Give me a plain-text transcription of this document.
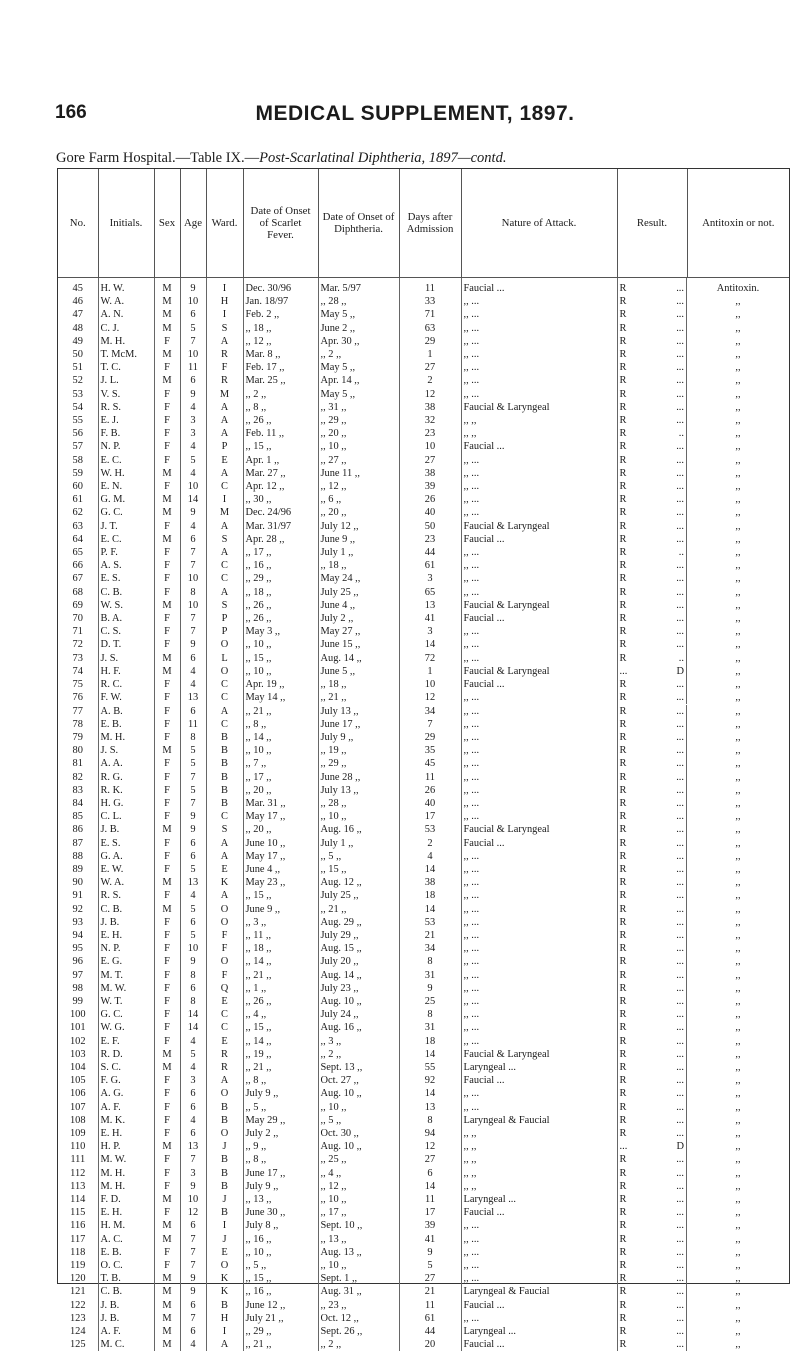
166	MEDICAL SUPPLEMENT, 1897.
Gore Farm Hospital.—Table IX.—Post-Scarlatinal Diphtheria, 1897—contd.
No.	Initials.	Sex	Age	Ward.	Date of Onset of Scarlet Fever.	Date of Onset of Diphtheria.	Days after Admission	Nature of Attack.	Result.	Antitoxin or not.
45	H. W.	M	9	I	Dec. 30/96	Mar. 5/97	11	Faucial ...		R	...	Antitoxin.
46	W. A.	M	10	H	Jan. 18/97	,, 28 ,,	33	,, ...		R	...	,,
47	A. N.	M	6	I	Feb. 2 ,,	May 5 ,,	71	,, ...		R	...	,,
48	C. J.	M	5	S	,, 18 ,,	June 2 ,,	63	,, ...		R	...	,,
49	M. H.	F	7	A	,, 12 ,,	Apr. 30 ,,	29	,, ...		R	...	,,
50	T. McM.	M	10	R	Mar. 8 ,,	,, 2 ,,	1	,, ...		R	...	,,
51	T. C.	F	11	F	Feb. 17 ,,	May 5 ,,	27	,, ...		R	...	,,
52	J. L.	M	6	R	Mar. 25 ,,	Apr. 14 ,,	2	,, ...		R	...	,,
53	V. S.	F	9	M	,, 2 ,,	May 5 ,,	12	,, ...		R	...	,,
54	R. S.	F	4	A	,, 8 ,,	,, 31 ,,	38	Faucial & Laryngeal		R	...	,,
55	E. J.	F	3	A	,, 26 ,,	,, 29 ,,	32	,, ,,		R	...	,,
56	F. B.	F	3	A	Feb. 11 ,,	,, 20 ,,	23	,, ,,		R	..	,,
57	N. P.	F	4	P	,, 15 ,,	,, 10 ,,	10	Faucial ...		R	...	,,
58	E. C.	F	5	E	Apr. 1 ,,	,, 27 ,,	27	,, ...		R	...	,,
59	W. H.	M	4	A	Mar. 27 ,,	June 11 ,,	38	,, ...		R	...	,,
60	E. N.	F	10	C	Apr. 12 ,,	,, 12 ,,	39	,, ...		R	...	,,
61	G. M.	M	14	I	,, 30 ,,	,, 6 ,,	26	,, ...		R	...	,,
62	G. C.	M	9	M	Dec. 24/96	,, 20 ,,	40	,, ...		R	...	,,
63	J. T.	F	4	A	Mar. 31/97	July 12 ,,	50	Faucial & Laryngeal		R	...	,,
64	E. C.	M	6	S	Apr. 28 ,,	June 9 ,,	23	Faucial ...		R	...	,,
65	P. F.	F	7	A	,, 17 ,,	July 1 ,,	44	,, ...		R	..	,,
66	A. S.	F	7	C	,, 16 ,,	,, 18 ,,	61	,, ...		R	...	,,
67	E. S.	F	10	C	,, 29 ,,	May 24 ,,	3	,, ...		R	...	,,
68	C. B.	F	8	A	,, 18 ,,	July 25 ,,	65	,, ...		R	...	,,
69	W. S.	M	10	S	,, 26 ,,	June 4 ,,	13	Faucial & Laryngeal		R	...	,,
70	B. A.	F	7	P	,, 26 ,,	July 2 ,,	41	Faucial ...		R	...	,,
71	C. S.	F	7	P	May 3 ,,	May 27 ,,	3	,, ...		R	...	,,
72	D. T.	F	9	O	,, 10 ,,	June 15 ,,	14	,, ...		R	...	,,
73	J. S.	M	6	L	,, 15 ,,	Aug. 14 ,,	72	,, ...		R	..	,,
74	H. F.	M	4	O	,, 10 ,,	June 5 ,,	1	Faucial & Laryngeal		...	D	,,
75	R. C.	F	4	C	Apr. 19 ,,	,, 18 ,,	10	Faucial ...		R	...	,,
76	F. W.	F	13	C	May 14 ,,	,, 21 ,,	12	,, ...		R	...	,,
77	A. B.	F	6	A	,, 21 ,,	July 13 ,,	34	,, ...		R	...	,,
78	E. B.	F	11	C	,, 8 ,,	June 17 ,,	7	,, ...		R	...	,,
79	M. H.	F	8	B	,, 14 ,,	July 9 ,,	29	,, ...		R	...	,,
80	J. S.	M	5	B	,, 10 ,,	,, 19 ,,	35	,, ...		R	...	,,
81	A. A.	F	5	B	,, 7 ,,	,, 29 ,,	45	,, ...		R	...	,,
82	R. G.	F	7	B	,, 17 ,,	June 28 ,,	11	,, ...		R	...	,,
83	R. K.	F	5	B	,, 20 ,,	July 13 ,,	26	,, ...		R	...	,,
84	H. G.	F	7	B	Mar. 31 ,,	,, 28 ,,	40	,, ...		R	...	,,
85	C. L.	F	9	C	May 17 ,,	,, 10 ,,	17	,, ...		R	...	,,
86	J. B.	M	9	S	,, 20 ,,	Aug. 16 ,,	53	Faucial & Laryngeal		R	...	,,
87	E. S.	F	6	A	June 10 ,,	July 1 ,,	2	Faucial ...		R	...	,,
88	G. A.	F	6	A	May 17 ,,	,, 5 ,,	4	,, ...		R	...	,,
89	E. W.	F	5	E	June 4 ,,	,, 15 ,,	14	,, ...		R	...	,,
90	W. A.	M	13	K	May 23 ,,	Aug. 12 ,,	38	,, ...		R	...	,,
91	R. S.	F	4	A	,, 15 ,,	July 25 ,,	18	,, ...		R	...	,,
92	C. B.	M	5	O	June 9 ,,	,, 21 ,,	14	,, ...		R	...	,,
93	J. B.	F	6	O	,, 3 ,,	Aug. 29 ,,	53	,, ...		R	...	,,
94	E. H.	F	5	F	,, 11 ,,	July 29 ,,	21	,, ...		R	...	,,
95	N. P.	F	10	F	,, 18 ,,	Aug. 15 ,,	34	,, ...		R	...	,,
96	E. G.	F	9	O	,, 14 ,,	July 20 ,,	8	,, ...		R	...	,,
97	M. T.	F	8	F	,, 21 ,,	Aug. 14 ,,	31	,, ...		R	...	,,
98	M. W.	F	6	Q	,, 1 ,,	July 23 ,,	9	,, ...		R	...	,,
99	W. T.	F	8	E	,, 26 ,,	Aug. 10 ,,	25	,, ...		R	...	,,
100	G. C.	F	14	C	,, 4 ,,	July 24 ,,	8	,, ...		R	...	,,
101	W. G.	F	14	C	,, 15 ,,	Aug. 16 ,,	31	,, ...		R	...	,,
102	E. F.	F	4	E	,, 14 ,,	,, 3 ,,	18	,, ...		R	...	,,
103	R. D.	M	5	R	,, 19 ,,	,, 2 ,,	14	Faucial & Laryngeal		R	...	,,
104	S. C.	M	4	R	,, 21 ,,	Sept. 13 ,,	55	Laryngeal ...		R	...	,,
105	F. G.	F	3	A	,, 8 ,,	Oct. 27 ,,	92	Faucial ...		R	...	,,
106	A. G.	F	6	O	July 9 ,,	Aug. 10 ,,	14	,, ...		R	...	,,
107	A. F.	F	6	B	,, 5 ,,	,, 10 ,,	13	,, ...		R	...	,,
108	M. K.	F	4	B	May 29 ,,	,, 5 ,,	8	Laryngeal & Faucial		R	...	,,
109	E. H.	F	6	O	July 2 ,,	Oct. 30 ,,	94	,, ,,		R	...	,,
110	H. P.	M	13	J	,, 9 ,,	Aug. 10 ,,	12	,, ,,		...	D	,,
111	M. W.	F	7	B	,, 8 ,,	,, 25 ,,	27	,, ,,		R	...	,,
112	M. H.	F	3	B	June 17 ,,	,, 4 ,,	6	,, ,,		R	...	,,
113	M. H.	F	9	B	July 9 ,,	,, 12 ,,	14	,, ,,		R	...	,,
114	F. D.	M	10	J	,, 13 ,,	,, 10 ,,	11	Laryngeal ...		R	...	,,
115	E. H.	F	12	B	June 30 ,,	,, 17 ,,	17	Faucial ...		R	...	,,
116	H. M.	M	6	I	July 8 ,,	Sept. 10 ,,	39	,, ...		R	...	,,
117	A. C.	M	7	J	,, 16 ,,	,, 13 ,,	41	,, ...		R	...	,,
118	E. B.	F	7	E	,, 10 ,,	Aug. 13 ,,	9	,, ...		R	...	,,
119	O. C.	F	7	O	,, 5 ,,	,, 10 ,,	5	,, ...		R	...	,,
120	T. B.	M	9	K	,, 15 ,,	Sept. 1 ,,	27	,, ...		R	...	,,
121	C. B.	M	9	K	,, 16 ,,	Aug. 31 ,,	21	Laryngeal & Faucial		R	...	,,
122	J. B.	M	6	B	June 12 ,,	,, 23 ,,	11	Faucial ...		R	...	,,
123	J. B.	M	7	H	July 21 ,,	Oct. 12 ,,	61	,, ...		R	...	,,
124	A. F.	M	6	I	,, 29 ,,	Sept. 26 ,,	44	Laryngeal ...		R	...	,,
125	M. C.	M	4	A	,, 21 ,,	,, 2 ,,	20	Faucial ...		R	...	,,
